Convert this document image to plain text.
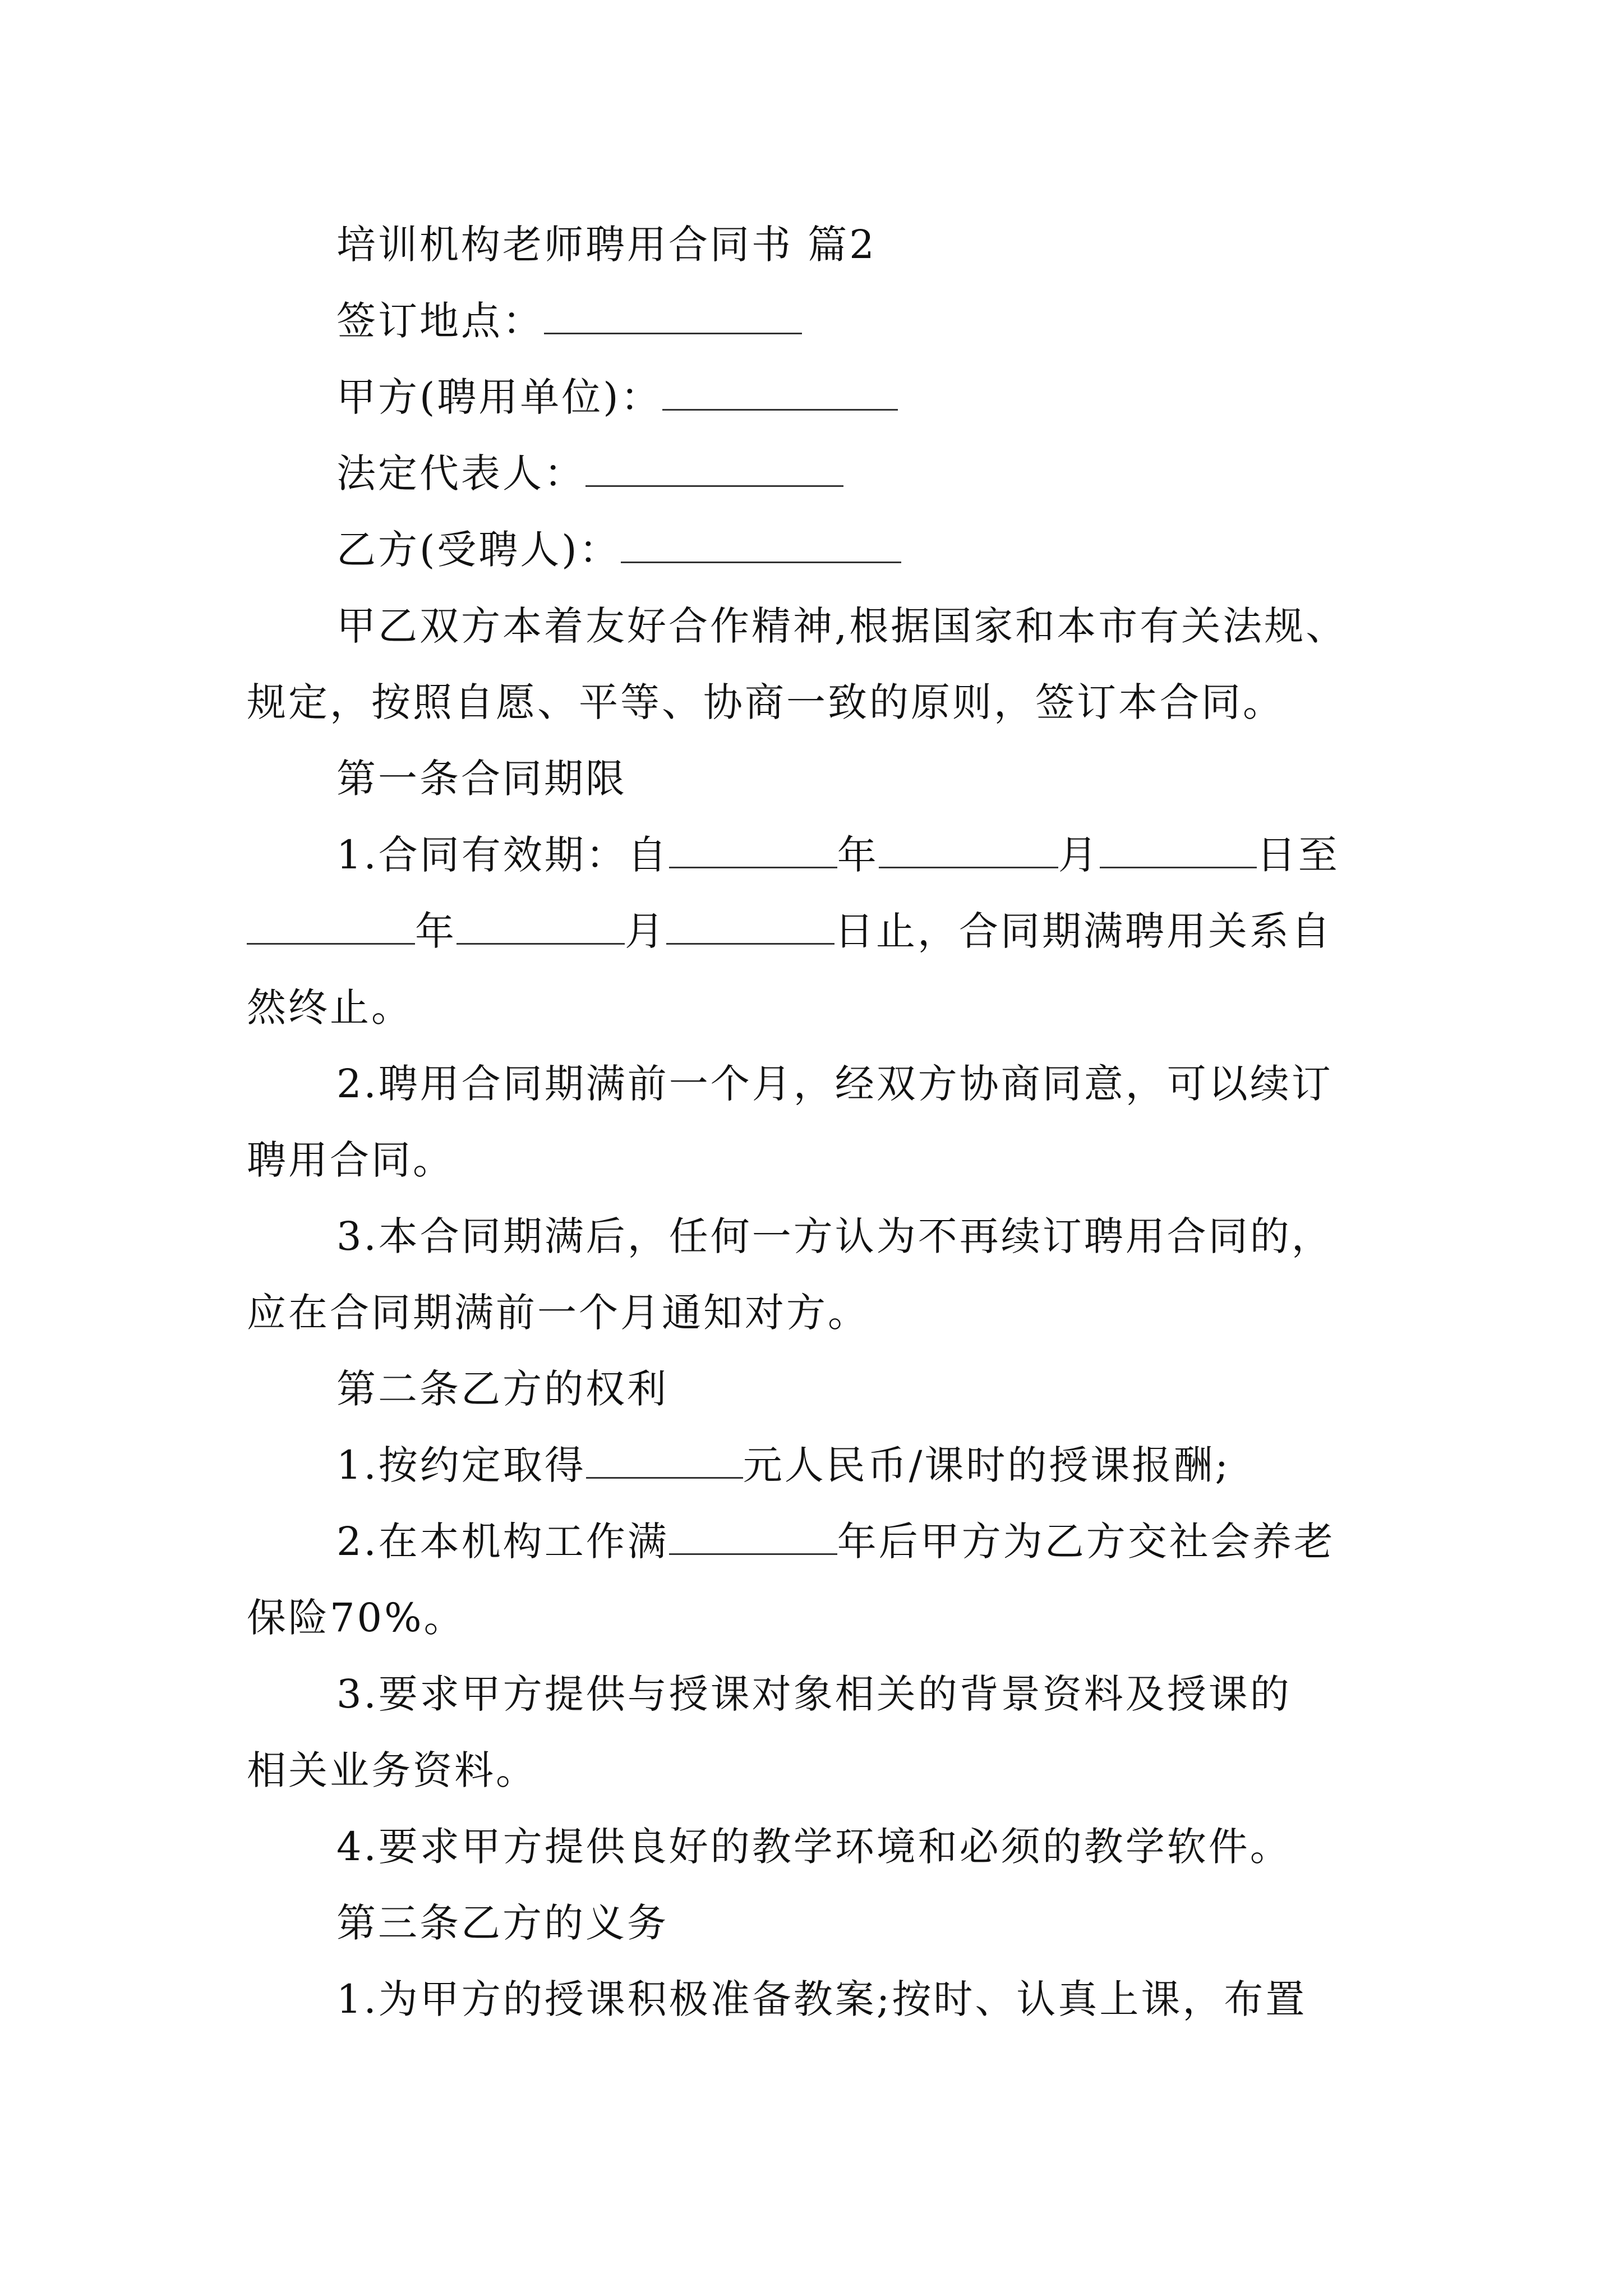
培训机构老师聘用合同书 篇2
签订地点：
甲方(聘用单位)：
法定代表人：
乙方(受聘人)：
甲乙双方本着友好合作精神,根据国家和本市有关法规、
规定，按照自愿、平等、协商一致的原则，签订本合同。
第一条合同期限
1.合同有效期：自	年	月	日至
年	月	日止，合同期满聘用关系自
然终止。
2.聘用合同期满前一个月，经双方协商同意，可以续订
聘用合同。
3.本合同期满后，任何一方认为不再续订聘用合同的，
应在合同期满前一个月通知对方。
第二条乙方的权利
1.按约定取得	元人民币/课时的授课报酬;
2.在本机构工作满	年后甲方为乙方交社会养老
保险70%。
3.要求甲方提供与授课对象相关的背景资料及授课的
相关业务资料。
4.要求甲方提供良好的教学环境和必须的教学软件。
第三条乙方的义务
1.为甲方的授课积极准备教案;按时、认真上课，布置
